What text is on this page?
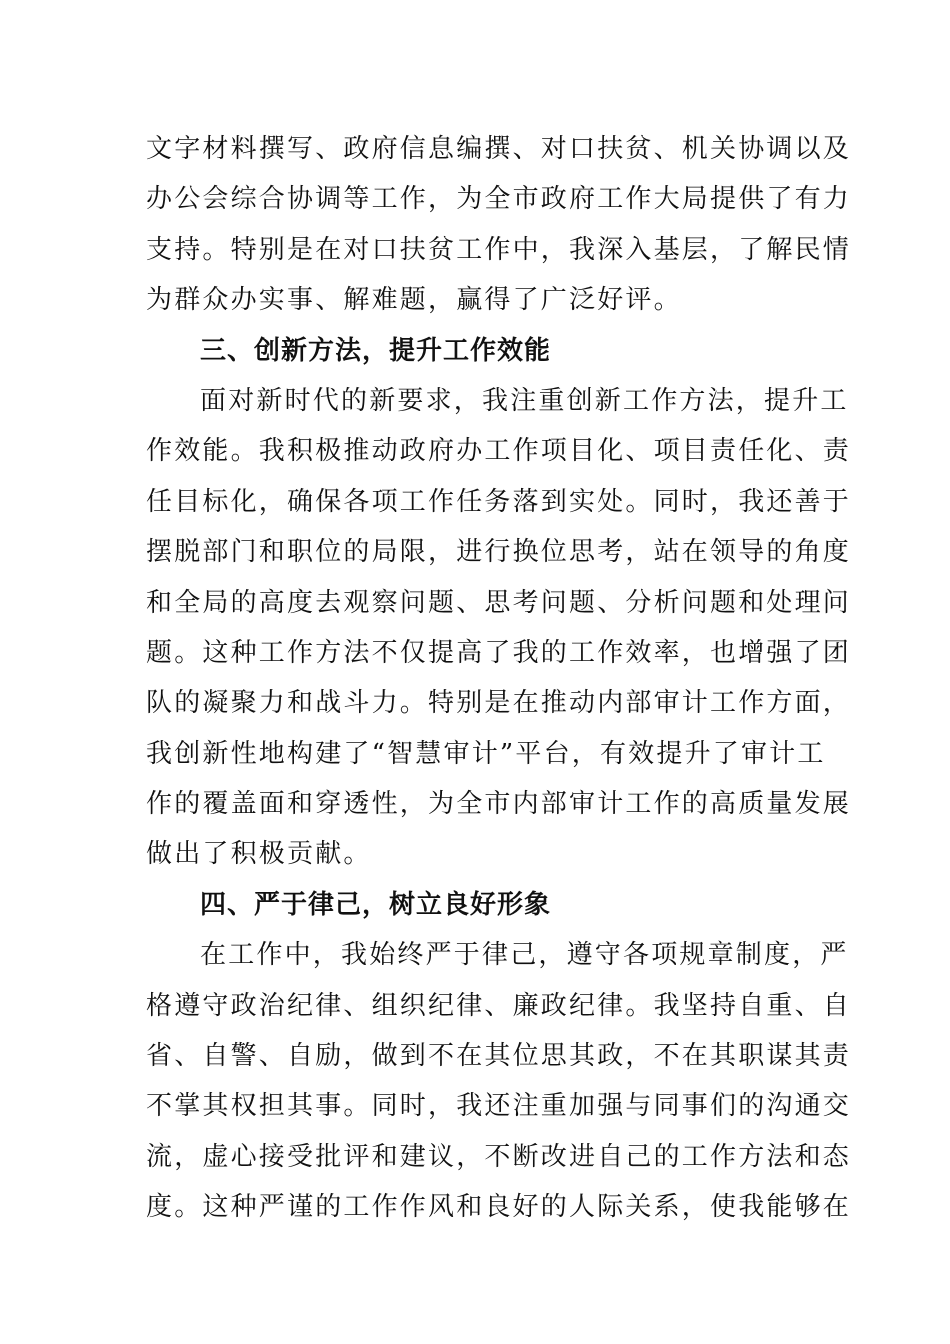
文字材料撰写、政府信息编撰、对口扶贫、机关协调以及
办公会综合协调等工作，为全市政府工作大局提供了有力
支持。特别是在对口扶贫工作中，我深入基层，了解民情
为群众办实事、解难题，赢得了广泛好评。
三、创新方法，提升工作效能
面对新时代的新要求，我注重创新工作方法，提升工
作效能。我积极推动政府办工作项目化、项目责任化、责
任目标化，确保各项工作任务落到实处。同时，我还善于
摆脱部门和职位的局限，进行换位思考，站在领导的角度
和全局的高度去观察问题、思考问题、分析问题和处理问
题。这种工作方法不仅提高了我的工作效率，也增强了团
队的凝聚力和战斗力。特别是在推动内部审计工作方面，
我创新性地构建了“智慧审计”平台，有效提升了审计工
作的覆盖面和穿透性，为全市内部审计工作的高质量发展
做出了积极贡献。
四、严于律己，树立良好形象
在工作中，我始终严于律己，遵守各项规章制度，严
格遵守政治纪律、组织纪律、廉政纪律。我坚持自重、自
省、自警、自励，做到不在其位思其政，不在其职谋其责
不掌其权担其事。同时，我还注重加强与同事们的沟通交
流，虚心接受批评和建议，不断改进自己的工作方法和态
度。这种严谨的工作作风和良好的人际关系，使我能够在
